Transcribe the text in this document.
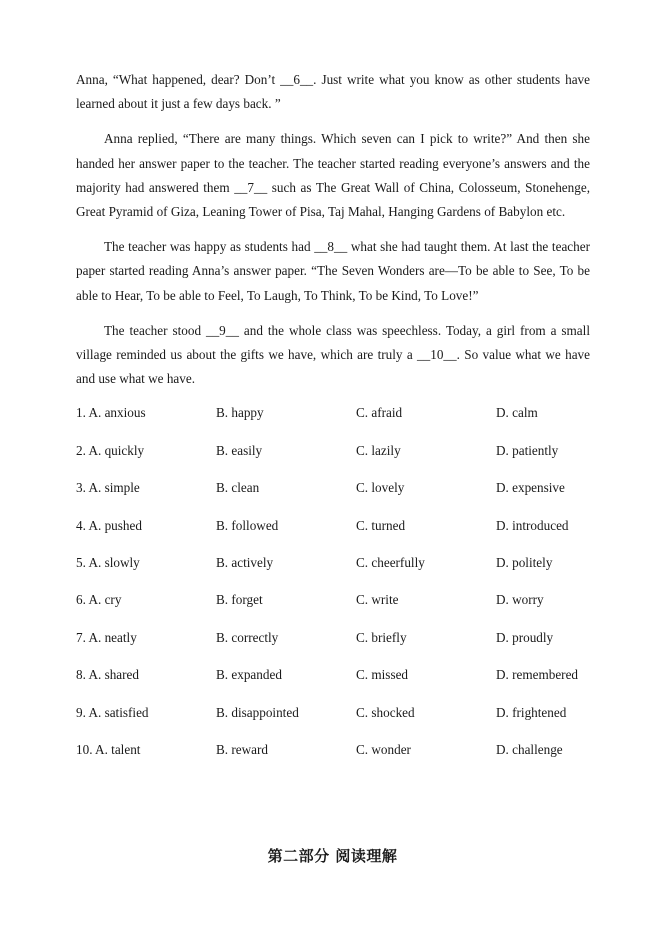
Anna, “What happened, dear? Don’t __6__. Just write what you know as other students have learned about it just a few days back. ”

Anna replied, “There are many things. Which seven can I pick to write?” And then she handed her answer paper to the teacher. The teacher started reading everyone’s answers and the majority had answered them __7__ such as The Great Wall of China, Colosseum, Stonehenge, Great Pyramid of Giza, Leaning Tower of Pisa, Taj Mahal, Hanging Gardens of Babylon etc.

The teacher was happy as students had __8__ what she had taught them. At last the teacher paper started reading Anna’s answer paper. “The Seven Wonders are—To be able to See, To be able to Hear, To be able to Feel, To Laugh, To Think, To be Kind, To Love!”

The teacher stood __9__ and the whole class was speechless. Today, a girl from a small village reminded us about the gifts we have, which are truly a __10__. So value what we have and use what we have.

1. A. anxious	B. happy	C. afraid	D. calm
2. A. quickly	B. easily	C. lazily	D. patiently
3. A. simple	B. clean	C. lovely	D. expensive
4. A. pushed	B. followed	C. turned	D. introduced
5. A. slowly	B. actively	C. cheerfully	D. politely
6. A. cry	B. forget	C. write	D. worry
7. A. neatly	B. correctly	C. briefly	D. proudly
8. A. shared	B. expanded	C. missed	D. remembered
9. A. satisfied	B. disappointed	C. shocked	D. frightened
10. A. talent	B. reward	C. wonder	D. challenge
第二部分 阅读理解
